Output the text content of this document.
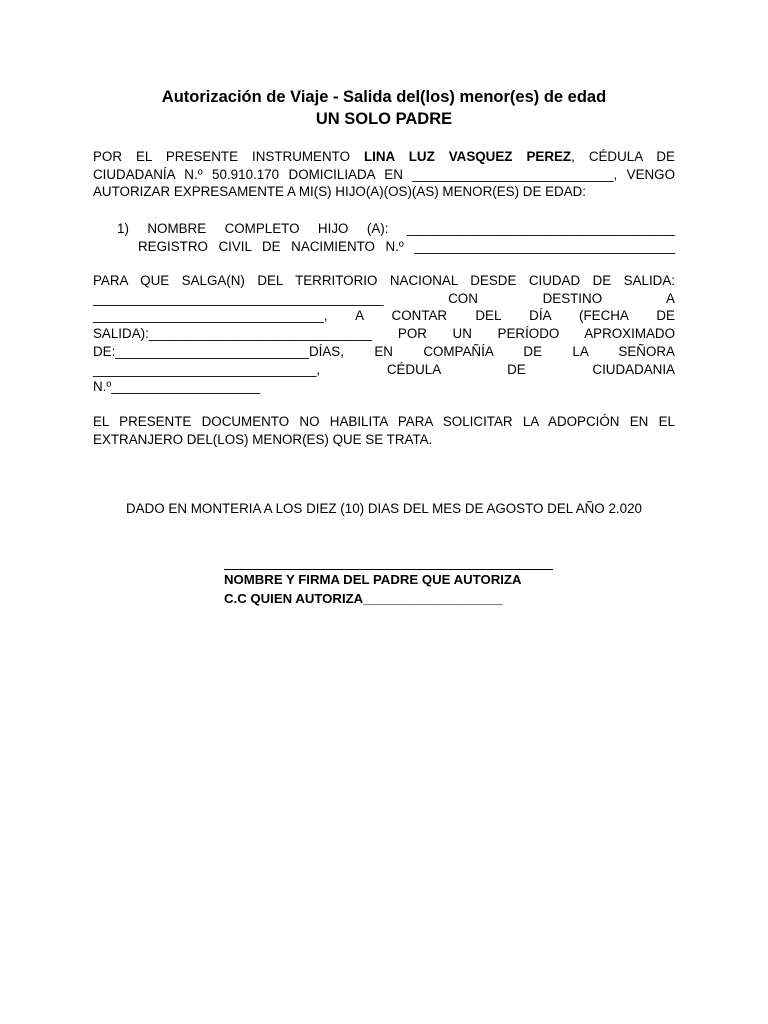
Autorización de Viaje - Salida del(los) menor(es) de edad
UN SOLO PADRE
POR EL PRESENTE INSTRUMENTO LINA LUZ VASQUEZ PEREZ, CÉDULA DE
CIUDADANÍA N.º 50.910.170 DOMICILIADA EN ___________________________, VENGO
AUTORIZAR EXPRESAMENTE A MI(S) HIJO(A)(OS)(AS) MENOR(ES) DE EDAD:
1) NOMBRE COMPLETO HIJO (A): ____________________________________
REGISTRO CIVIL DE NACIMIENTO N.º ___________________________________
PARA QUE SALGA(N) DEL TERRITORIO NACIONAL DESDE CIUDAD DE SALIDA:
_______________________________________ CON DESTINO A
_______________________________, A CONTAR DEL DÍA (FECHA DE
SALIDA):______________________________ POR UN PERÍODO APROXIMADO
DE:__________________________DÍAS, EN COMPAÑÍA DE LA SEÑORA
______________________________, CÉDULA DE CIUDADANIA
N.º____________________
EL PRESENTE DOCUMENTO NO HABILITA PARA SOLICITAR LA ADOPCIÓN EN EL
EXTRANJERO DEL(LOS) MENOR(ES) QUE SE TRATA.
DADO EN MONTERIA A LOS DIEZ (10) DIAS DEL MES DE AGOSTO DEL AÑO 2.020
NOMBRE Y FIRMA DEL PADRE QUE AUTORIZA
C.C QUIEN AUTORIZA___________________
